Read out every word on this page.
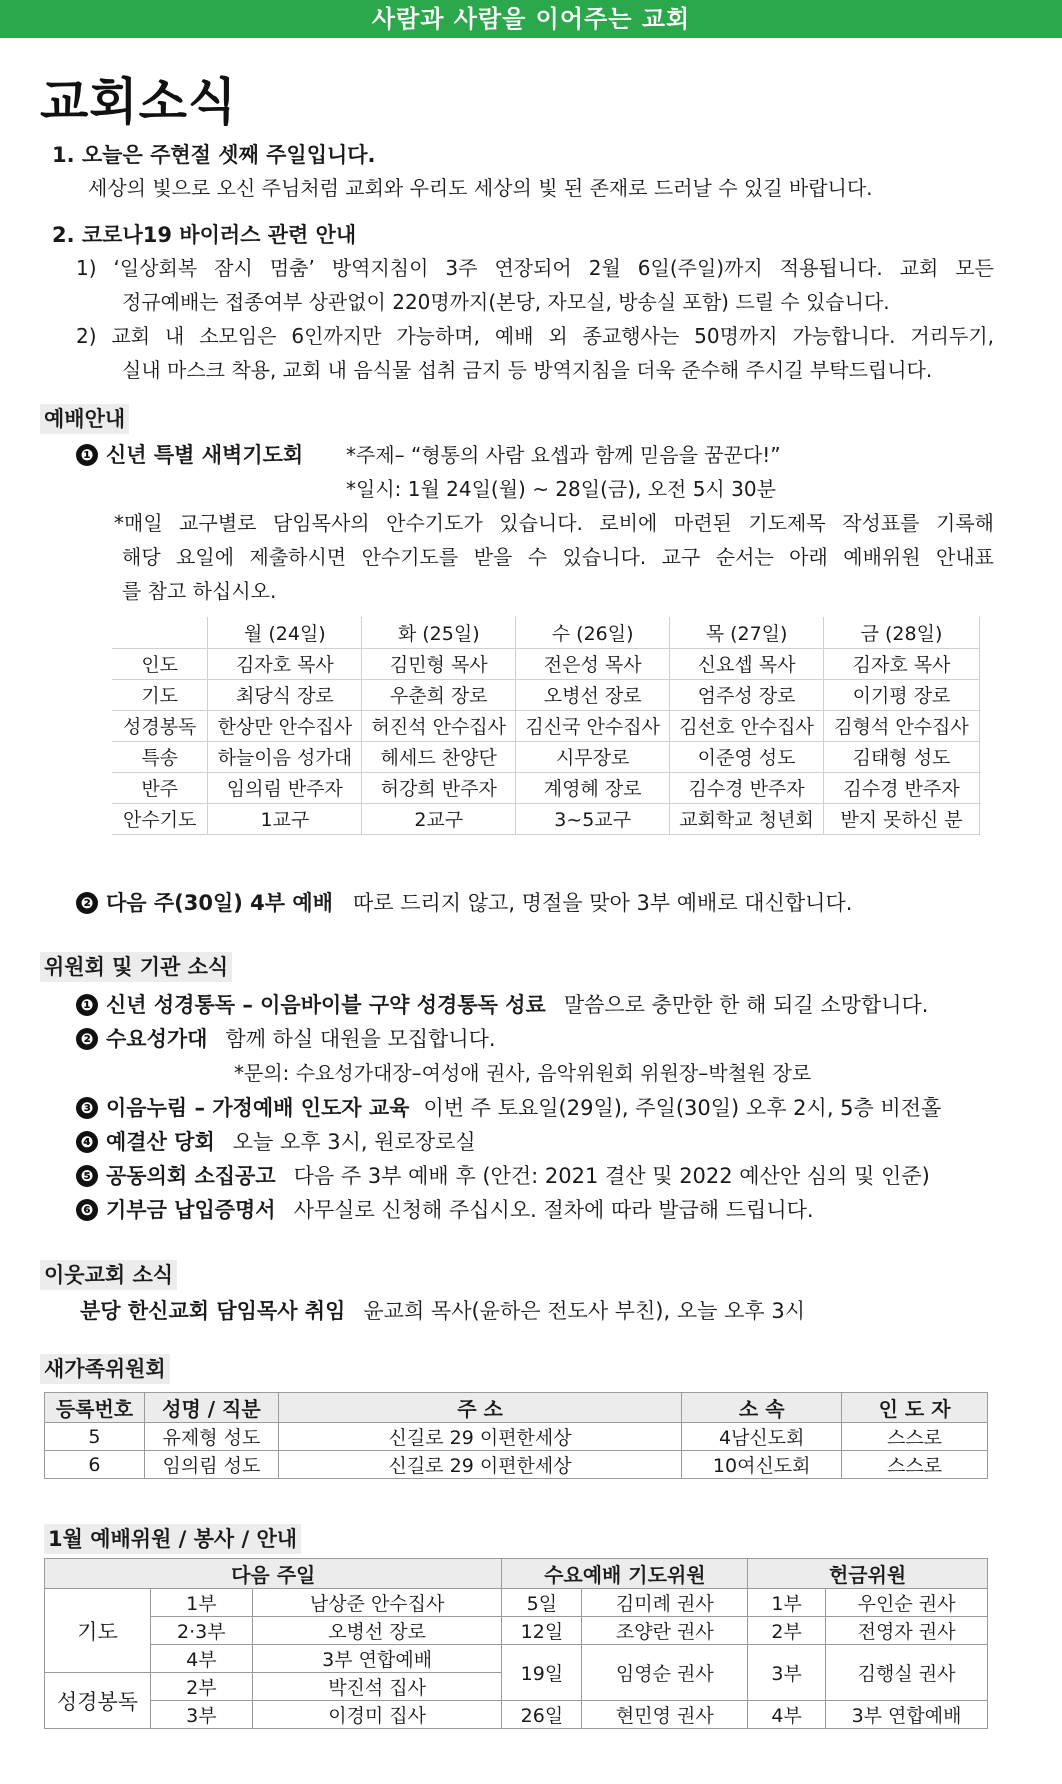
사람과 사람을 이어주는 교회
교회소식
1. 오늘은 주현절 셋째 주일입니다.
세상의 빛으로 오신 주님처럼 교회와 우리도 세상의 빛 된 존재로 드러날 수 있길 바랍니다.
2. 코로나19 바이러스 관련 안내
1) ‘일상회복 잠시 멈춤’ 방역지침이 3주 연장되어 2월 6일(주일)까지 적용됩니다. 교회 모든
정규예배는 접종여부 상관없이 220명까지(본당, 자모실, 방송실 포함) 드릴 수 있습니다.
2) 교회 내 소모임은 6인까지만 가능하며, 예배 외 종교행사는 50명까지 가능합니다. 거리두기,
실내 마스크 착용, 교회 내 음식물 섭취 금지 등 방역지침을 더욱 준수해 주시길 부탁드립니다.
예배안내
❶ 신년 특별 새벽기도회 *주제– “형통의 사람 요셉과 함께 믿음을 꿈꾼다!”
*일시: 1월 24일(월) ~ 28일(금), 오전 5시 30분
*매일 교구별로 담임목사의 안수기도가 있습니다. 로비에 마련된 기도제목 작성표를 기록해
해당 요일에 제출하시면 안수기도를 받을 수 있습니다. 교구 순서는 아래 예배위원 안내표
를 참고 하십시오.
	월 (24일)	화 (25일)	수 (26일)	목 (27일)	금 (28일)
인도	김자호 목사	김민형 목사	전은성 목사	신요셉 목사	김자호 목사
기도	최당식 장로	우춘희 장로	오병선 장로	엄주성 장로	이기평 장로
성경봉독	한상만 안수집사	허진석 안수집사	김신국 안수집사	김선호 안수집사	김형석 안수집사
특송	하늘이음 성가대	헤세드 찬양단	시무장로	이준영 성도	김태형 성도
반주	임의림 반주자	허강희 반주자	계영혜 장로	김수경 반주자	김수경 반주자
안수기도	1교구	2교구	3~5교구	교회학교 청년회	받지 못하신 분
❷ 다음 주(30일) 4부 예배 따로 드리지 않고, 명절을 맞아 3부 예배로 대신합니다.
위원회 및 기관 소식
❶ 신년 성경통독 – 이음바이블 구약 성경통독 성료 말씀으로 충만한 한 해 되길 소망합니다.
❷ 수요성가대 함께 하실 대원을 모집합니다.
*문의: 수요성가대장–여성애 권사, 음악위원회 위원장–박철원 장로
❸ 이음누림 – 가정예배 인도자 교육 이번 주 토요일(29일), 주일(30일) 오후 2시, 5층 비전홀
❹ 예결산 당회 오늘 오후 3시, 원로장로실
❺ 공동의회 소집공고 다음 주 3부 예배 후 (안건: 2021 결산 및 2022 예산안 심의 및 인준)
❻ 기부금 납입증명서 사무실로 신청해 주십시오. 절차에 따라 발급해 드립니다.
이웃교회 소식
분당 한신교회 담임목사 취임 윤교희 목사(윤하은 전도사 부친), 오늘 오후 3시
새가족위원회
등록번호	성명 / 직분	주 소	소 속	인 도 자
5	유제형 성도	신길로 29 이편한세상	4남신도회	스스로
6	임의림 성도	신길로 29 이편한세상	10여신도회	스스로
1월 예배위원 / 봉사 / 안내
다음 주일			수요예배 기도위원		헌금위원	
기도	1부	남상준 안수집사	5일	김미례 권사	1부	우인순 권사
	2·3부	오병선 장로	12일	조양란 권사	2부	전영자 권사
	4부	3부 연합예배	19일	임영순 권사	3부	김행실 권사
성경봉독	2부	박진석 집사				
	3부	이경미 집사	26일	현민영 권사	4부	3부 연합예배
